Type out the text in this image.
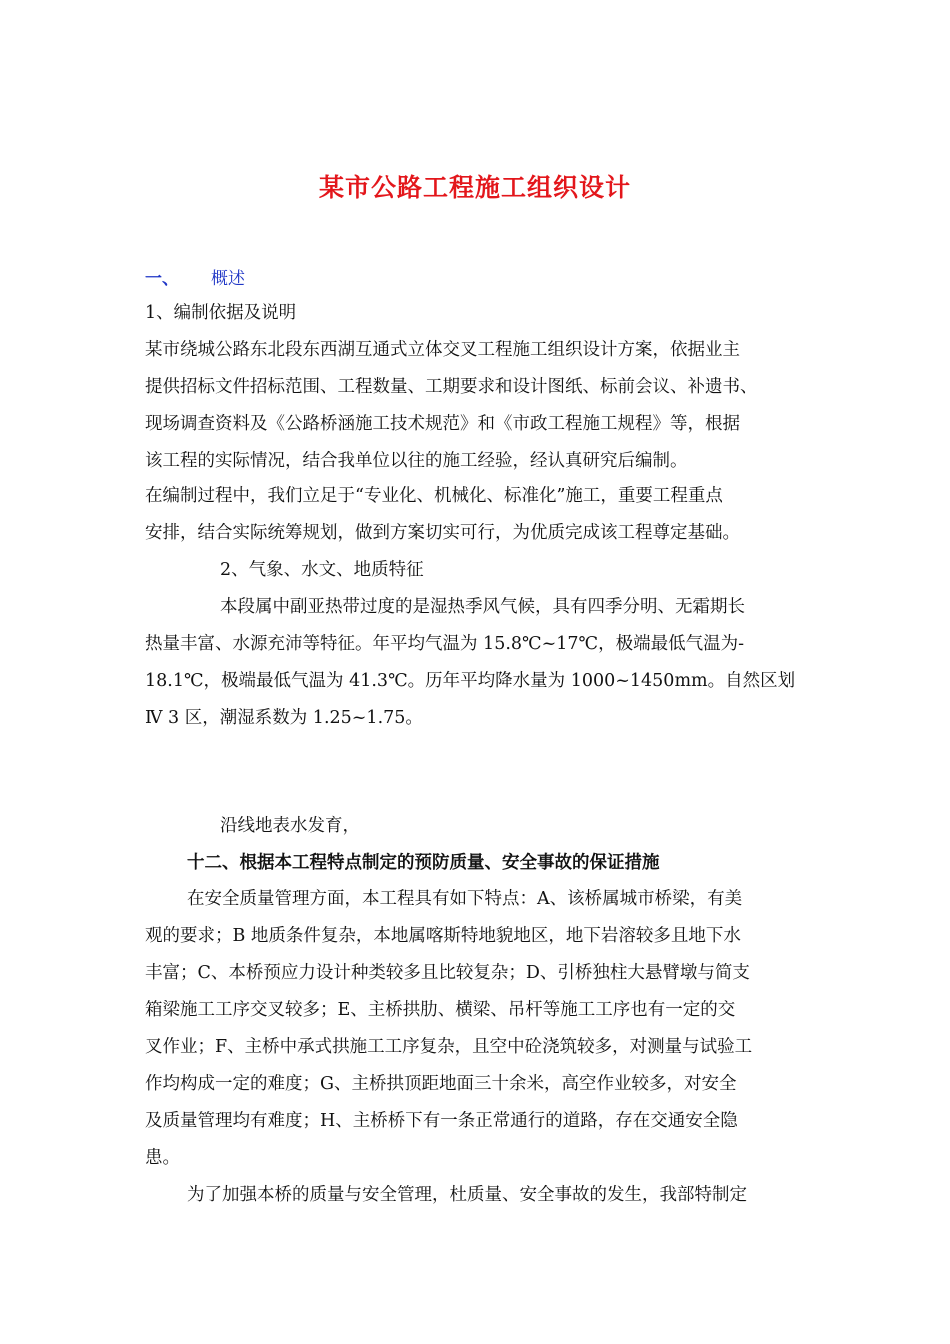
某市公路工程施工组织设计
一、 概述
1、编制依据及说明
某市绕城公路东北段东西湖互通式立体交叉工程施工组织设计方案，依据业主
提供招标文件招标范围、工程数量、工期要求和设计图纸、标前会议、补遗书、
现场调查资料及《公路桥涵施工技术规范》和《市政工程施工规程》等，根据
该工程的实际情况，结合我单位以往的施工经验，经认真研究后编制。
在编制过程中，我们立足于“专业化、机械化、标准化”施工，重要工程重点
安排，结合实际统筹规划，做到方案切实可行，为优质完成该工程尊定基础。
2、气象、水文、地质特征
本段属中副亚热带过度的是湿热季风气候，具有四季分明、无霜期长
热量丰富、水源充沛等特征。年平均气温为 15.8℃~17℃，极端最低气温为-
18.1℃，极端最低气温为 41.3℃。历年平均降水量为 1000~1450mm。自然区划
Ⅳ 3 区，潮湿系数为 1.25~1.75。
沿线地表水发育，
十二、根据本工程特点制定的预防质量、安全事故的保证措施
在安全质量管理方面，本工程具有如下特点：A、该桥属城市桥梁，有美
观的要求；B 地质条件复杂，本地属喀斯特地貌地区，地下岩溶较多且地下水
丰富；C、本桥预应力设计种类较多且比较复杂；D、引桥独柱大悬臂墩与简支
箱梁施工工序交叉较多；E、主桥拱肋、横梁、吊杆等施工工序也有一定的交
叉作业；F、主桥中承式拱施工工序复杂，且空中砼浇筑较多，对测量与试验工
作均构成一定的难度；G、主桥拱顶距地面三十余米，高空作业较多，对安全
及质量管理均有难度；H、主桥桥下有一条正常通行的道路，存在交通安全隐
患。
为了加强本桥的质量与安全管理，杜质量、安全事故的发生，我部特制定
